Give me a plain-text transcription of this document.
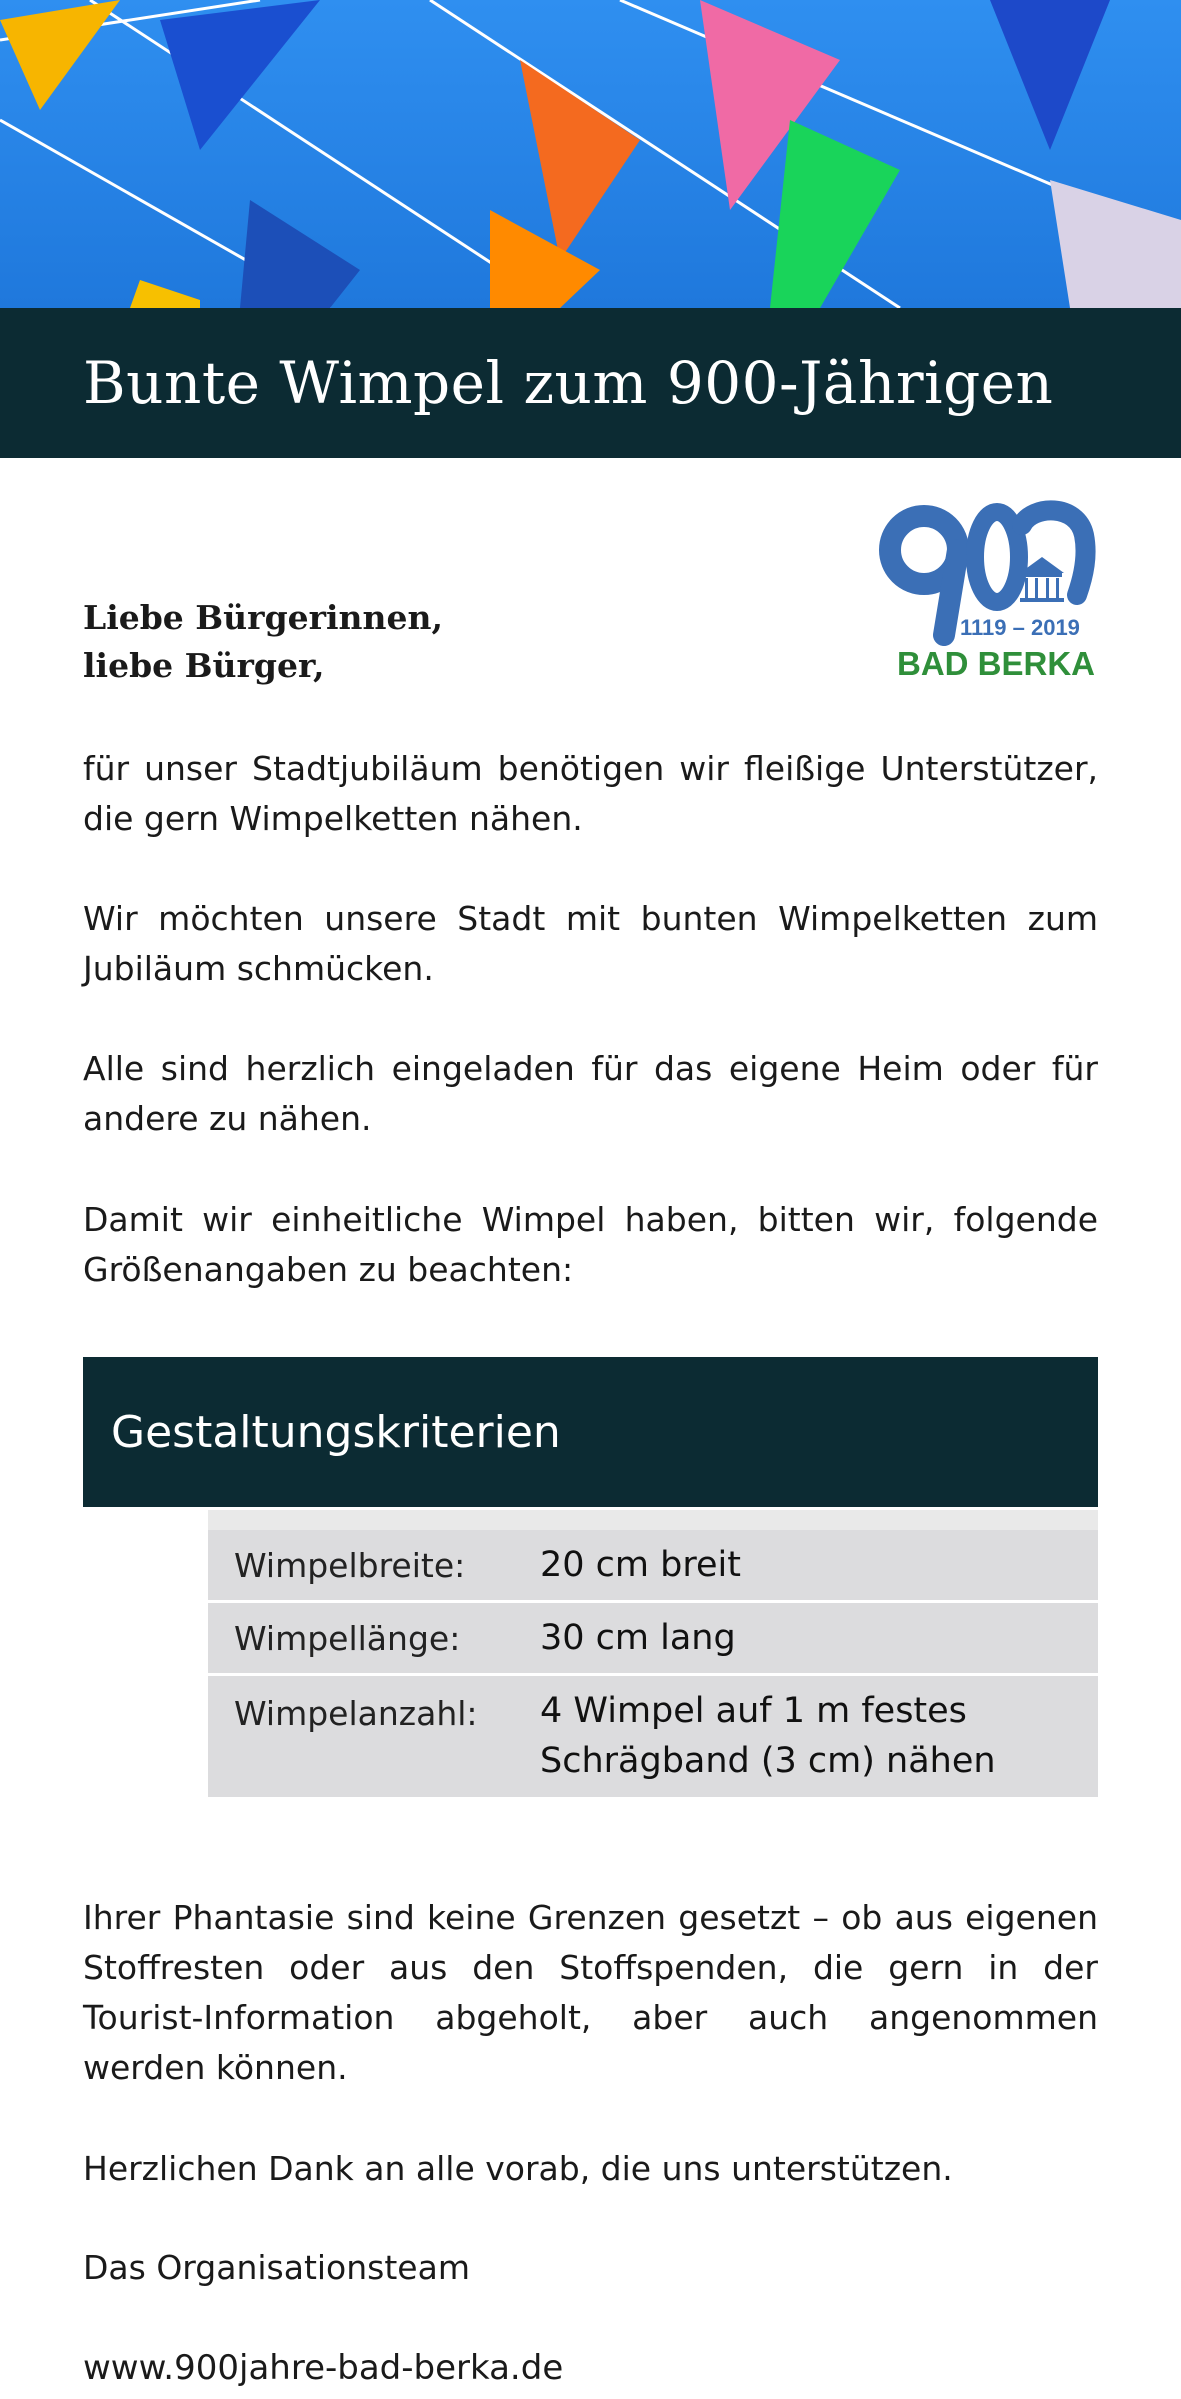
Bunte Wimpel zum 900-Jährigen
1119 – 2019
BAD BERKA
Liebe Bürgerinnen,
liebe Bürger,

für unser Stadtjubiläum benötigen wir fleißige Unterstützer, die gern Wimpelketten nähen.

Wir möchten unsere Stadt mit bunten Wimpelketten zum Jubiläum schmücken.

Alle sind herzlich eingeladen für das eigene Heim oder für andere zu nähen.

Damit wir einheitliche Wimpel haben, bitten wir, folgende Größenangaben zu beachten:

Gestaltungskriterien
Wimpelbreite:	20 cm breit
Wimpellänge:	30 cm lang
Wimpelanzahl:	4 Wimpel auf 1 m festes
Schrägband (3 cm) nähen

Ihrer Phantasie sind keine Grenzen gesetzt – ob aus eigenen Stoffresten oder aus den Stoffspenden, die gern in der Tourist-Information abgeholt, aber auch angenommen werden können.

Herzlichen Dank an alle vorab, die uns unterstützen.

Das Organisationsteam

www.900jahre-bad-berka.de
